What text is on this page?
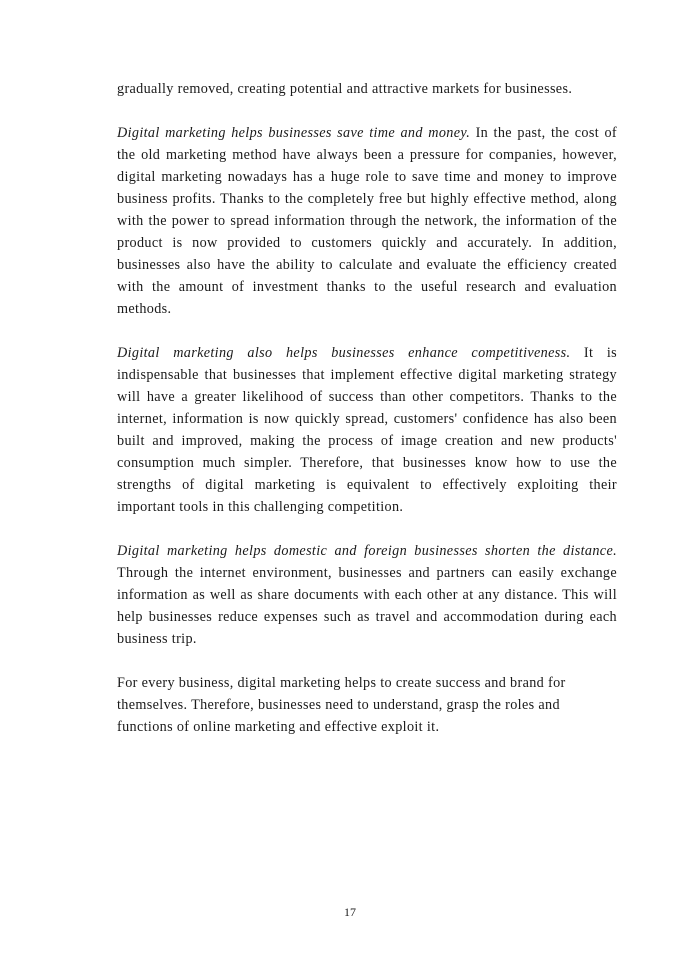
gradually removed, creating potential and attractive markets for businesses.

Digital marketing helps businesses save time and money. In the past, the cost of the old marketing method have always been a pressure for companies, however, digital marketing nowadays has a huge role to save time and money to improve business profits. Thanks to the completely free but highly effective method, along with the power to spread information through the network, the information of the product is now provided to customers quickly and accurately. In addition, businesses also have the ability to calculate and evaluate the efficiency created with the amount of investment thanks to the useful research and evaluation methods.

Digital marketing also helps businesses enhance competitiveness. It is indispensable that businesses that implement effective digital marketing strategy will have a greater likelihood of success than other competitors. Thanks to the internet, information is now quickly spread, customers' confidence has also been built and improved, making the process of image creation and new products' consumption much simpler. Therefore, that businesses know how to use the strengths of digital marketing is equivalent to effectively exploiting their important tools in this challenging competition.

Digital marketing helps domestic and foreign businesses shorten the distance. Through the internet environment, businesses and partners can easily exchange information as well as share documents with each other at any distance. This will help businesses reduce expenses such as travel and accommodation during each business trip.

For every business, digital marketing helps to create success and brand for themselves. Therefore, businesses need to understand, grasp the roles and functions of online marketing and effective exploit it.

17
